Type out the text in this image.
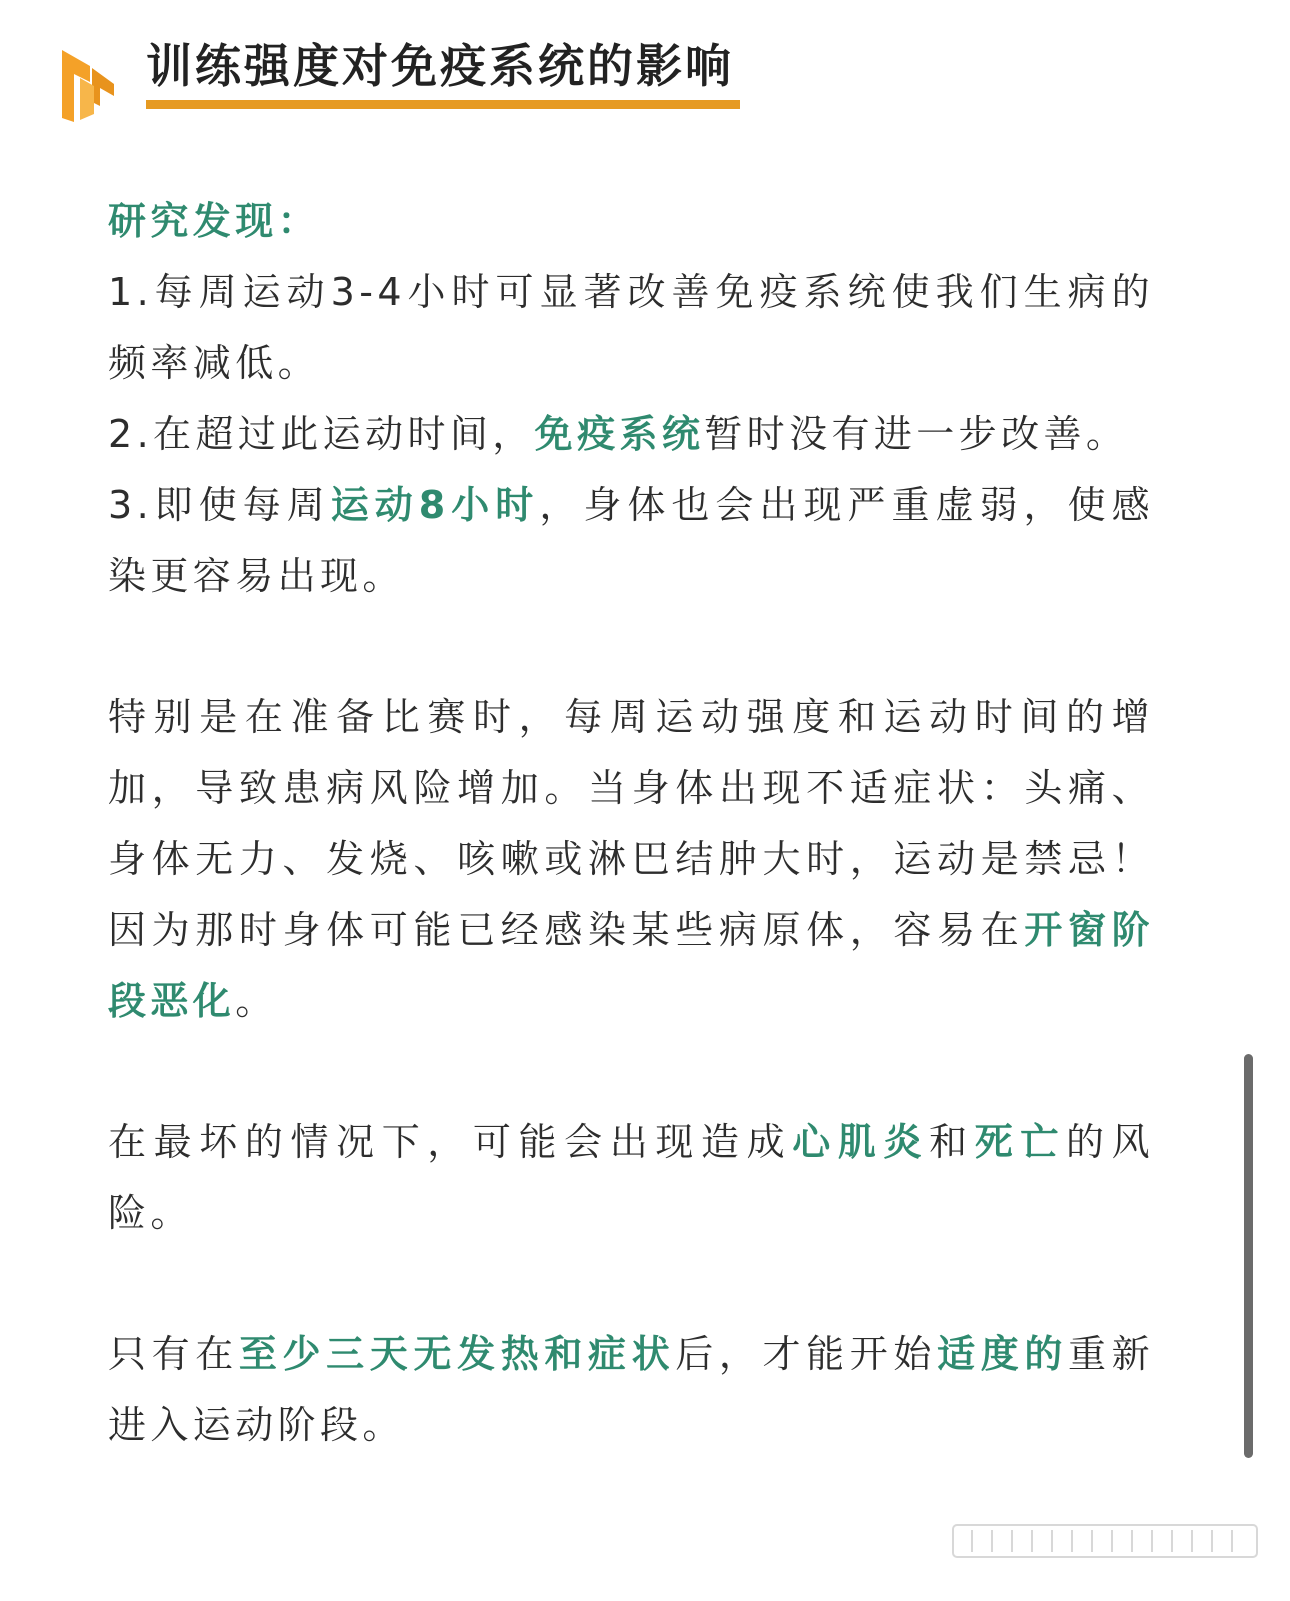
训练强度对免疫系统的影响

研究发现：

1.每周运动3-4小时可显著改善免疫系统使我们生病的频率减低。

2.在超过此运动时间，免疫系统暂时没有进一步改善。

3.即使每周运动8小时，身体也会出现严重虚弱，使感染更容易出现。

特别是在准备比赛时，每周运动强度和运动时间的增加，导致患病风险增加。当身体出现不适症状：头痛、身体无力、发烧、咳嗽或淋巴结肿大时，运动是禁忌！因为那时身体可能已经感染某些病原体，容易在开窗阶段恶化。

在最坏的情况下，可能会出现造成心肌炎和死亡的风险。

只有在至少三天无发热和症状后，才能开始适度的重新进入运动阶段。
